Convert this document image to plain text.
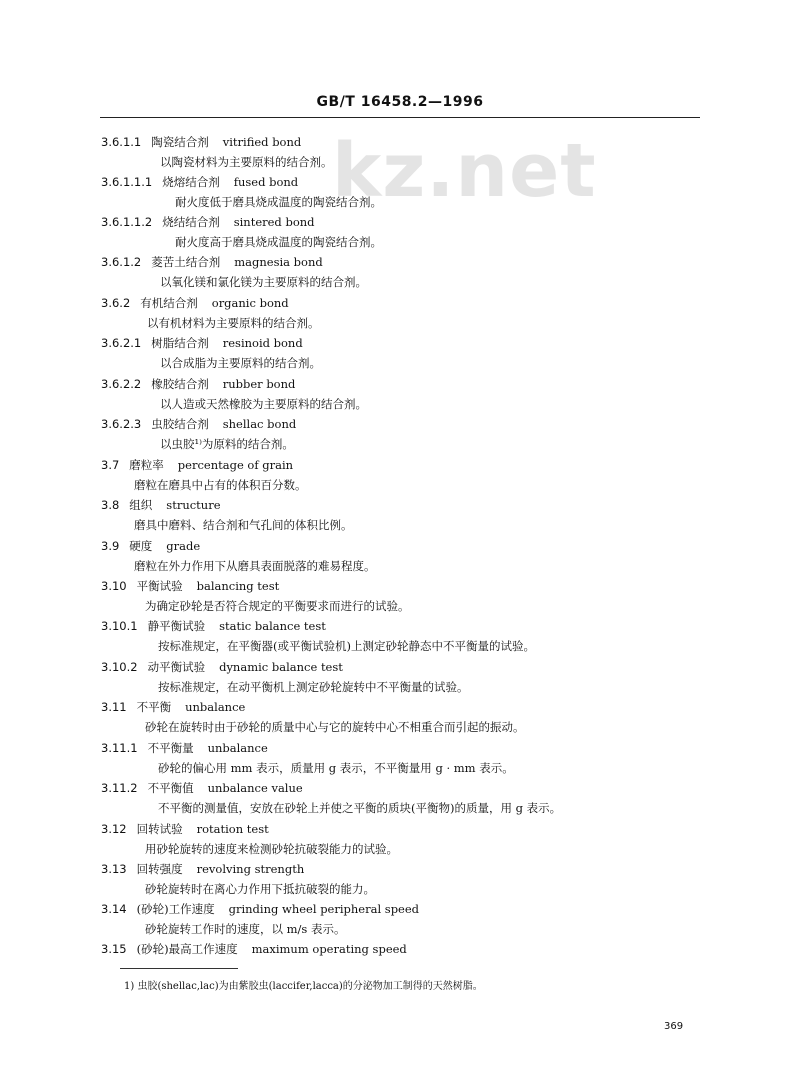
kz.net
GB/T 16458.2—1996
3.6.1.1 陶瓷结合剂 vitrified bond
以陶瓷材料为主要原料的结合剂。
3.6.1.1.1 烧熔结合剂 fused bond
耐火度低于磨具烧成温度的陶瓷结合剂。
3.6.1.1.2 烧结结合剂 sintered bond
耐火度高于磨具烧成温度的陶瓷结合剂。
3.6.1.2 菱苦土结合剂 magnesia bond
以氧化镁和氯化镁为主要原料的结合剂。
3.6.2 有机结合剂 organic bond
以有机材料为主要原料的结合剂。
3.6.2.1 树脂结合剂 resinoid bond
以合成脂为主要原料的结合剂。
3.6.2.2 橡胶结合剂 rubber bond
以人造或天然橡胶为主要原料的结合剂。
3.6.2.3 虫胶结合剂 shellac bond
以虫胶¹⁾为原料的结合剂。
3.7 磨粒率 percentage of grain
磨粒在磨具中占有的体积百分数。
3.8 组织 structure
磨具中磨料、结合剂和气孔间的体积比例。
3.9 硬度 grade
磨粒在外力作用下从磨具表面脱落的难易程度。
3.10 平衡试验 balancing test
为确定砂轮是否符合规定的平衡要求而进行的试验。
3.10.1 静平衡试验 static balance test
按标准规定，在平衡器(或平衡试验机)上测定砂轮静态中不平衡量的试验。
3.10.2 动平衡试验 dynamic balance test
按标准规定，在动平衡机上测定砂轮旋转中不平衡量的试验。
3.11 不平衡 unbalance
砂轮在旋转时由于砂轮的质量中心与它的旋转中心不相重合而引起的振动。
3.11.1 不平衡量 unbalance
砂轮的偏心用 mm 表示，质量用 g 表示，不平衡量用 g · mm 表示。
3.11.2 不平衡值 unbalance value
不平衡的测量值，安放在砂轮上并使之平衡的质块(平衡物)的质量，用 g 表示。
3.12 回转试验 rotation test
用砂轮旋转的速度来检测砂轮抗破裂能力的试验。
3.13 回转强度 revolving strength
砂轮旋转时在离心力作用下抵抗破裂的能力。
3.14 (砂轮)工作速度 grinding wheel peripheral speed
砂轮旋转工作时的速度，以 m/s 表示。
3.15 (砂轮)最高工作速度 maximum operating speed
1) 虫胶(shellac,lac)为由紫胶虫(laccifer,lacca)的分泌物加工制得的天然树脂。
369
